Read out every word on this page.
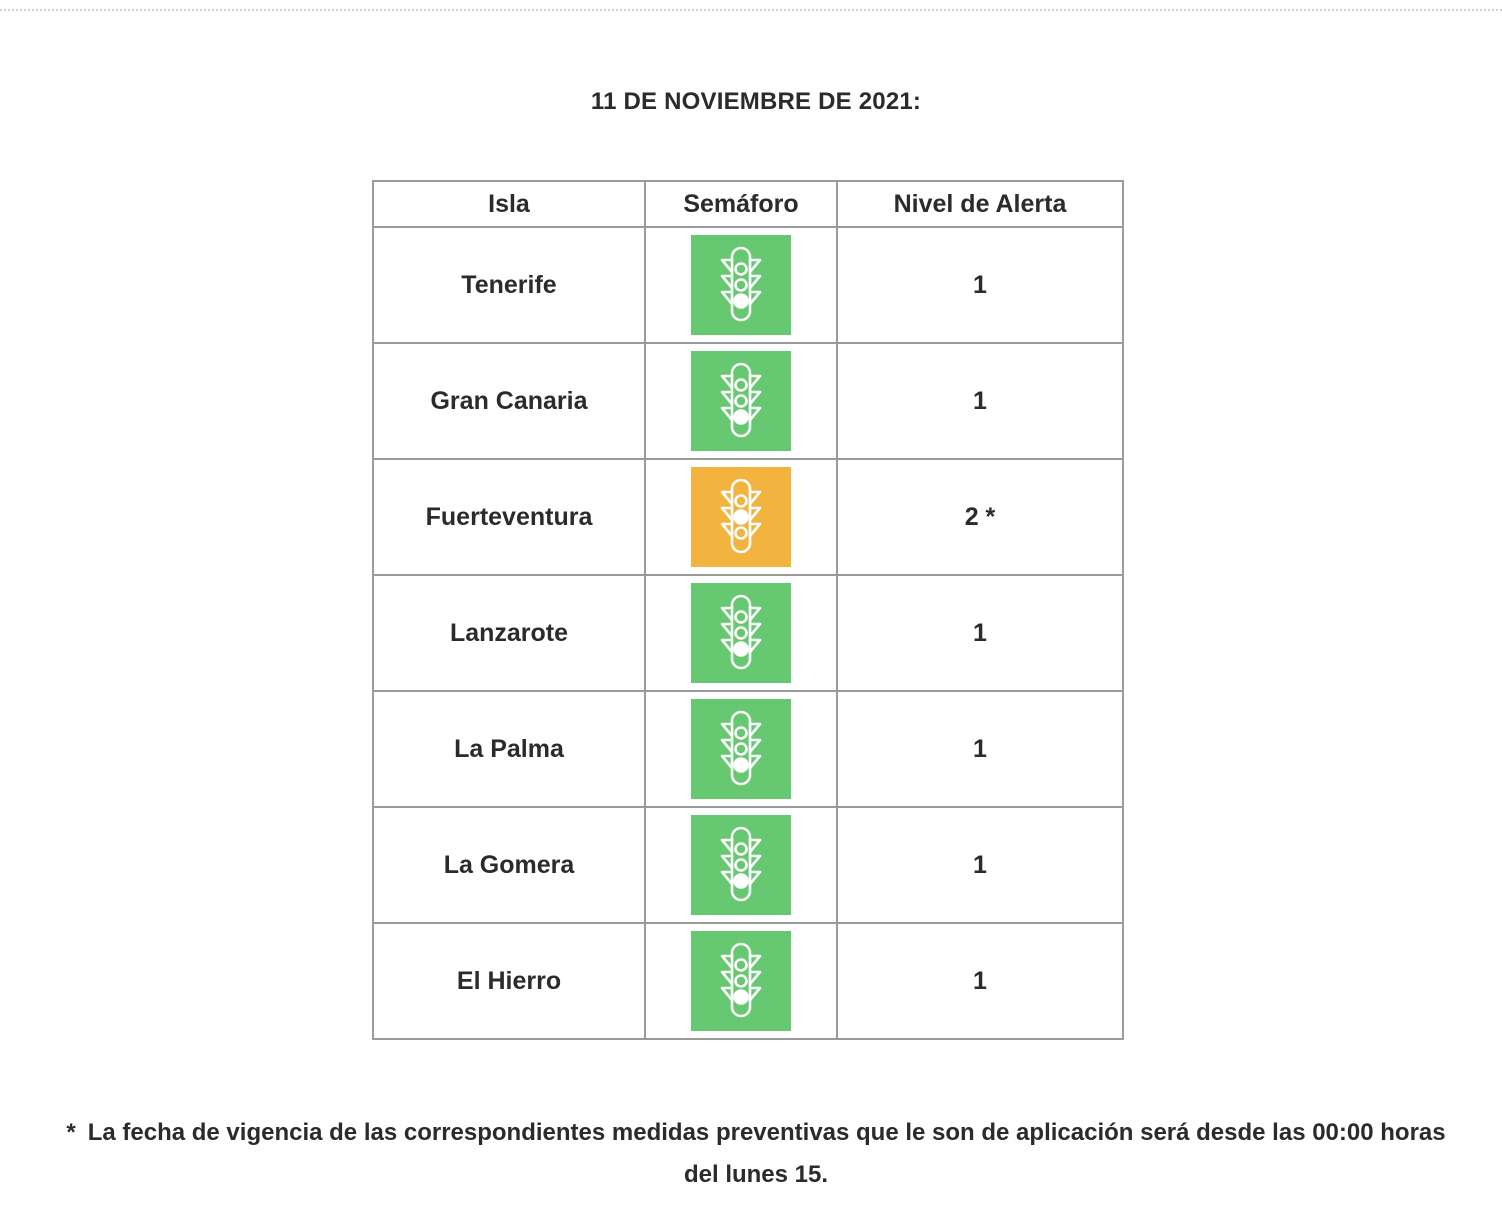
11 DE NOVIEMBRE DE 2021:
Isla	Semáforo	Nivel de Alerta
Tenerife		1
Gran Canaria		1
Fuerteventura		2 *
Lanzarote		1
La Palma		1
La Gomera		1
El Hierro		1
* La fecha de vigencia de las correspondientes medidas preventivas que le son de aplicación será desde las 00:00 horas del lunes 15.
